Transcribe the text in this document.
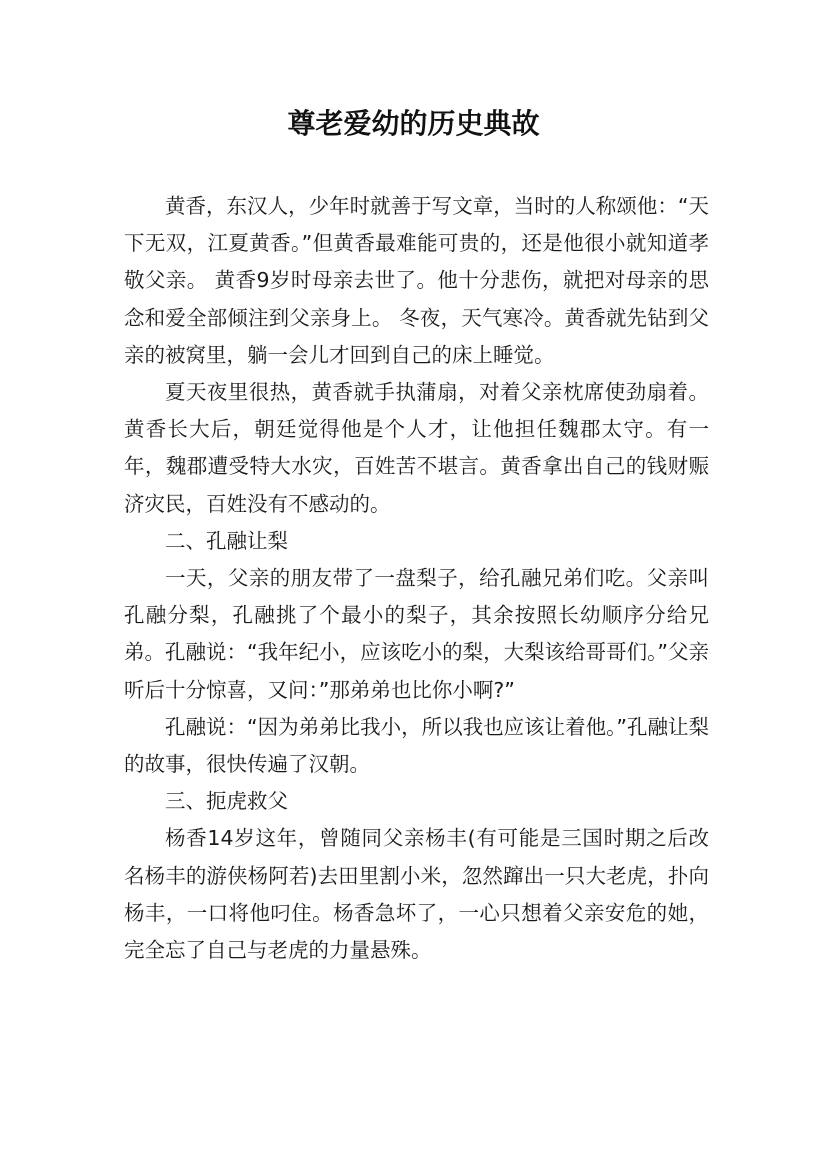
尊老爱幼的历史典故

黄香，东汉人，少年时就善于写文章，当时的人称颂他：“天下无双，江夏黄香。”但黄香最难能可贵的，还是他很小就知道孝敬父亲。 黄香9岁时母亲去世了。他十分悲伤，就把对母亲的思念和爱全部倾注到父亲身上。 冬夜，天气寒冷。黄香就先钻到父亲的被窝里，躺一会儿才回到自己的床上睡觉。

夏天夜里很热，黄香就手执蒲扇，对着父亲枕席使劲扇着。 黄香长大后，朝廷觉得他是个人才，让他担任魏郡太守。有一年，魏郡遭受特大水灾，百姓苦不堪言。黄香拿出自己的钱财赈济灾民，百姓没有不感动的。

二、孔融让梨

一天，父亲的朋友带了一盘梨子，给孔融兄弟们吃。父亲叫孔融分梨，孔融挑了个最小的梨子，其余按照长幼顺序分给兄弟。孔融说：“我年纪小，应该吃小的梨，大梨该给哥哥们。”父亲听后十分惊喜，又问：”那弟弟也比你小啊?”

孔融说：“因为弟弟比我小，所以我也应该让着他。”孔融让梨的故事，很快传遍了汉朝。

三、扼虎救父

杨香14岁这年，曾随同父亲杨丰(有可能是三国时期之后改名杨丰的游侠杨阿若)去田里割小米，忽然蹿出一只大老虎，扑向杨丰，一口将他叼住。杨香急坏了，一心只想着父亲安危的她，完全忘了自己与老虎的力量悬殊。
